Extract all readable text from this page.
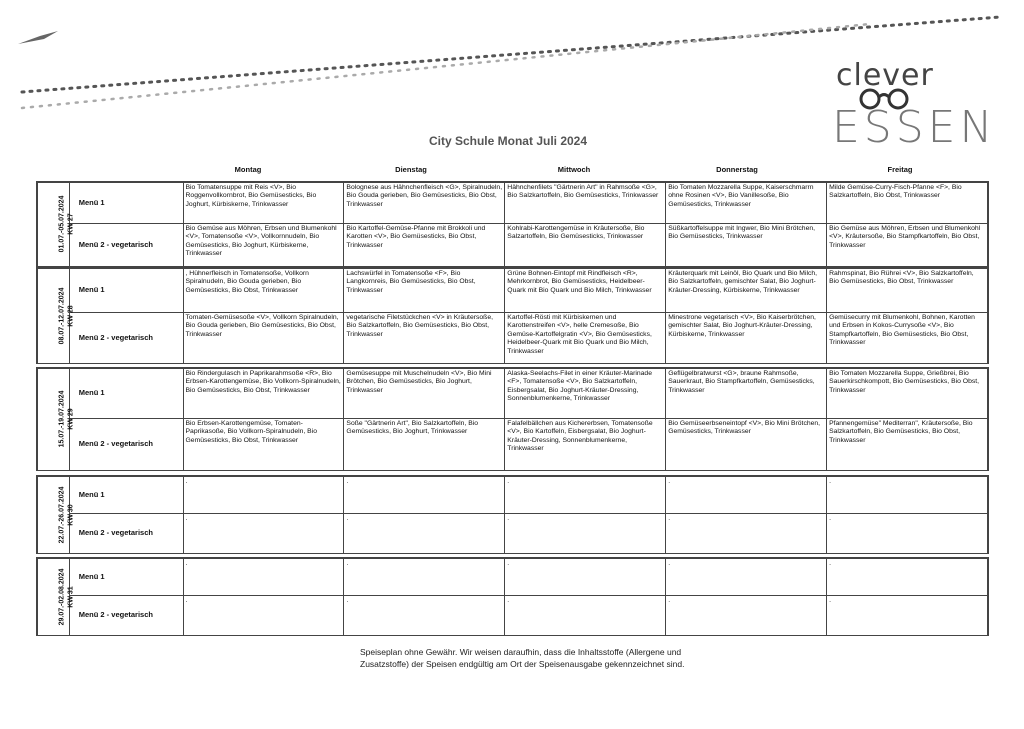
clever
ESSEN
City Schule Monat Juli 2024
Montag	Dienstag	Mittwoch	Donnerstag	Freitag
01.07.-05.07.2024 KW 27	Menü 1	Bio Tomatensuppe mit Reis <V>, Bio Roggenvollkornbrot, Bio Gemüsesticks, Bio Joghurt, Kürbiskerne, Trinkwasser	Bolognese aus Hähnchenfleisch <G>, Spiralnudeln, Bio Gouda gerieben, Bio Gemüsesticks, Bio Obst, Trinkwasser	Hähnchenfilets "Gärtnerin Art" in Rahmsoße <G>, Bio Salzkartoffeln, Bio Gemüsesticks, Trinkwasser	Bio Tomaten Mozzarella Suppe, Kaiserschmarrn ohne Rosinen <V>, Bio Vanillesoße, Bio Gemüsesticks, Trinkwasser	Milde Gemüse-Curry-Fisch-Pfanne <F>, Bio Salzkartoffeln, Bio Obst, Trinkwasser
	Menü 2 - vegetarisch	Bio Gemüse aus Möhren, Erbsen und Blumenkohl <V>, Tomatensoße <V>, Vollkornnudeln, Bio Gemüsesticks, Bio Joghurt, Kürbiskerne, Trinkwasser	Bio Kartoffel-Gemüse-Pfanne mit Brokkoli und Karotten <V>, Bio Gemüsesticks, Bio Obst, Trinkwasser	Kohlrabi-Karottengemüse in Kräutersoße, Bio Salzartoffeln, Bio Gemüsesticks, Trinkwasser	Süßkartoffelsuppe mit Ingwer, Bio Mini Brötchen, Bio Gemüsesticks, Trinkwasser	Bio Gemüse aus Möhren, Erbsen und Blumenkohl <V>, Kräutersoße, Bio Stampfkartoffeln, Bio Obst, Trinkwasser
08.07.-12.07.2024 KW 28	Menü 1	, Hühnerfleisch in Tomatensoße, Vollkorn Spiralnudeln, Bio Gouda gerieben, Bio Gemüsesticks, Bio Obst, Trinkwasser	Lachswürfel in Tomatensoße <F>, Bio Langkornreis, Bio Gemüsesticks, Bio Obst, Trinkwasser	Grüne Bohnen-Eintopf mit Rindfleisch <R>, Mehrkornbrot, Bio Gemüsesticks, Heidelbeer-Quark mit Bio Quark und Bio Milch, Trinkwasser	Kräuterquark mit Leinöl, Bio Quark und Bio Milch, Bio Salzkartoffeln, gemischter Salat, Bio Joghurt-Kräuter-Dressing, Kürbiskerne, Trinkwasser	Rahmspinat, Bio Rührei <V>, Bio Salzkartoffeln, Bio Gemüsesticks, Bio Obst, Trinkwasser
	Menü 2 - vegetarisch	Tomaten-Gemüsesoße <V>, Vollkorn Spiralnudeln, Bio Gouda gerieben, Bio Gemüsesticks, Bio Obst, Trinkwasser	vegetarische Filetstückchen <V> in Kräutersoße, Bio Salzkartoffeln, Bio Gemüsesticks, Bio Obst, Trinkwasser	Kartoffel-Rösti mit Kürbiskernen und Karottenstreifen <V>, helle Cremesoße, Bio Gemüse-Kartoffelgratin <V>, Bio Gemüsesticks, Heidelbeer-Quark mit Bio Quark und Bio Milch, Trinkwasser	Minestrone vegetarisch <V>, Bio Kaiserbrötchen, gemischter Salat, Bio Joghurt-Kräuter-Dressing, Kürbiskerne, Trinkwasser	Gemüsecurry mit Blumenkohl, Bohnen, Karotten und Erbsen in Kokos-Currysoße <V>, Bio Stampfkartoffeln, Bio Gemüsesticks, Bio Obst, Trinkwasser
15.07.-19.07.2024 KW 29	Menü 1	Bio Rindergulasch in Paprikarahmsoße <R>, Bio Erbsen-Karottengemüse, Bio Vollkorn-Spiralnudeln, Bio Gemüsesticks, Bio Obst, Trinkwasser	Gemüsesuppe mit Muschelnudeln <V>, Bio Mini Brötchen, Bio Gemüsesticks, Bio Joghurt, Trinkwasser	Alaska-Seelachs-Filet in einer Kräuter-Marinade <F>, Tomatensoße <V>, Bio Salzkartoffeln, Eisbergsalat, Bio Joghurt-Kräuter-Dressing, Sonnenblumenkerne, Trinkwasser	Geflügelbratwurst <G>, braune Rahmsoße, Sauerkraut, Bio Stampfkartoffeln, Gemüsesticks, Trinkwasser	Bio Tomaten Mozzarella Suppe, Grießbrei, Bio Sauerkirschkompott, Bio Gemüsesticks, Bio Obst, Trinkwasser
	Menü 2 - vegetarisch	Bio Erbsen-Karottengemüse, Tomaten-Paprikasoße, Bio Vollkorn-Spiralnudeln, Bio Gemüsesticks, Bio Obst, Trinkwasser	Soße "Gärtnerin Art", Bio Salzkartoffeln, Bio Gemüsesticks, Bio Joghurt, Trinkwasser	Falafelbällchen aus Kichererbsen, Tomatensoße <V>, Bio Kartoffeln, Eisbergsalat, Bio Joghurt-Kräuter-Dressing, Sonnenblumenkerne, Trinkwasser	Bio Gemüseerbseneintopf <V>, Bio Mini Brötchen, Gemüsesticks, Trinkwasser	Pfannengemüse" Mediterran", Kräutersoße, Bio Salzkartoffeln, Bio Gemüsesticks, Bio Obst, Trinkwasser
22.07.-26.07.2024 KW 30	Menü 1	.	.	.	.	.
	Menü 2 - vegetarisch	.	.	.	.	.
29.07.-02.08.2024 KW 31	Menü 1	.	.	.	.	.
	Menü 2 - vegetarisch	.	.	.	.	.
Speiseplan ohne Gewähr. Wir weisen daraufhin, dass die Inhaltsstoffe (Allergene und
Zusatzstoffe) der Speisen endgültig am Ort der Speisenausgabe gekennzeichnet sind.
